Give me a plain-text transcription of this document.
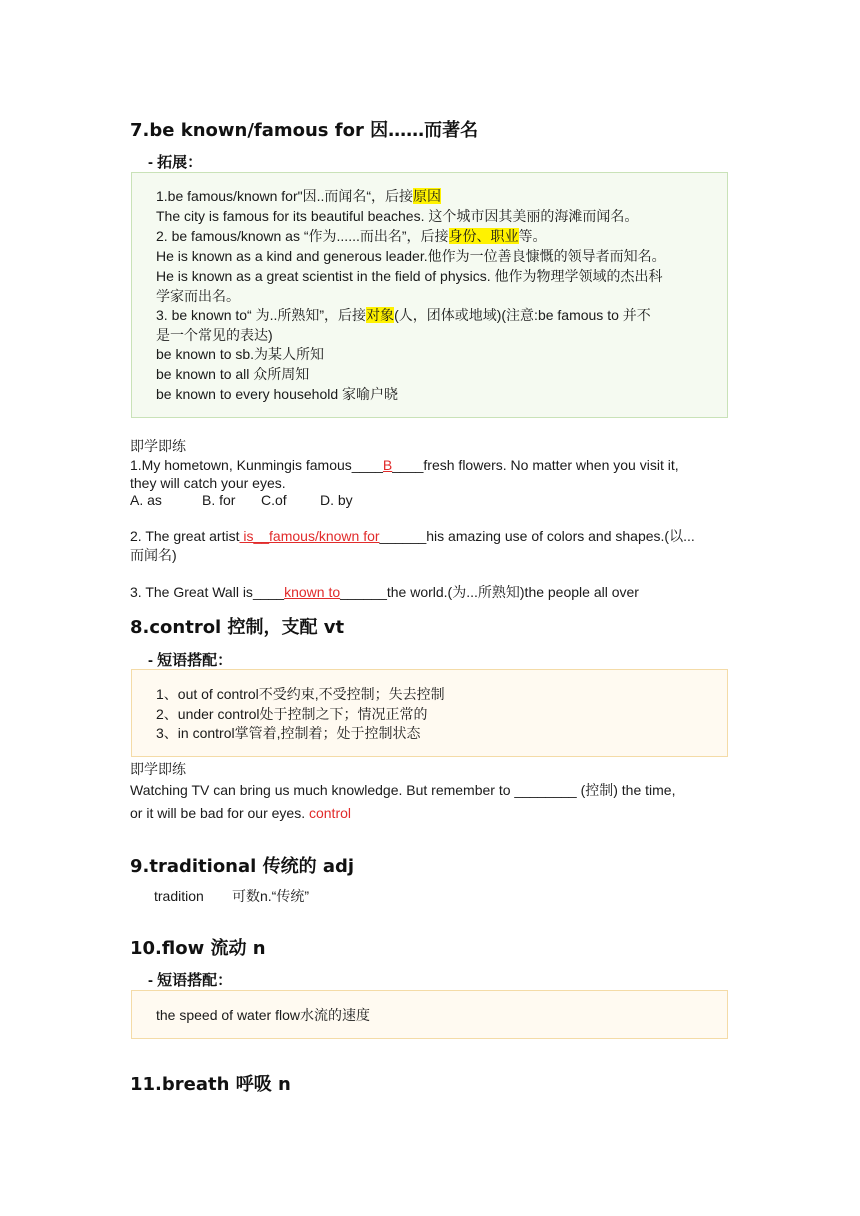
7.be known/famous for 因……而著名
- 拓展：
1.be famous/known for"因..而闻名“，后接原因
The city is famous for its beautiful beaches. 这个城市因其美丽的海滩而闻名。
2. be famous/known as “作为......而出名”，后接身份、职业等。
He is known as a kind and generous leader.他作为一位善良慷慨的领导者而知名。
He is known as a great scientist in the field of physics. 他作为物理学领域的杰出科
学家而出名。
3. be known to“ 为..所熟知”，后接对象(人，团体或地域)(注意:be famous to 并不
是一个常见的表达)
be known to sb.为某人所知
be known to all 众所周知
be known to every household 家喻户晓
即学即练
1.My hometown, Kunmingis famous____B____fresh flowers. No matter when you visit it,
they will catch your eyes.
A. as	B. for C.of D. by
2. The great artist is__famous/known for______his amazing use of colors and shapes.(以...
而闻名)
3. The Great Wall is____known to______the world.(为...所熟知)the people all over
8.control 控制，支配 vt
- 短语搭配：
1、out of control不受约束,不受控制；失去控制
2、under control处于控制之下；情况正常的
3、in control掌管着,控制着；处于控制状态
即学即练
Watching TV can bring us much knowledge. But remember to ________ (控制) the time,
or it will be bad for our eyes. control
9.traditional 传统的 adj
tradition 可数n.“传统”
10.flow 流动 n
- 短语搭配：
the speed of water flow水流的速度
11.breath 呼吸 n
